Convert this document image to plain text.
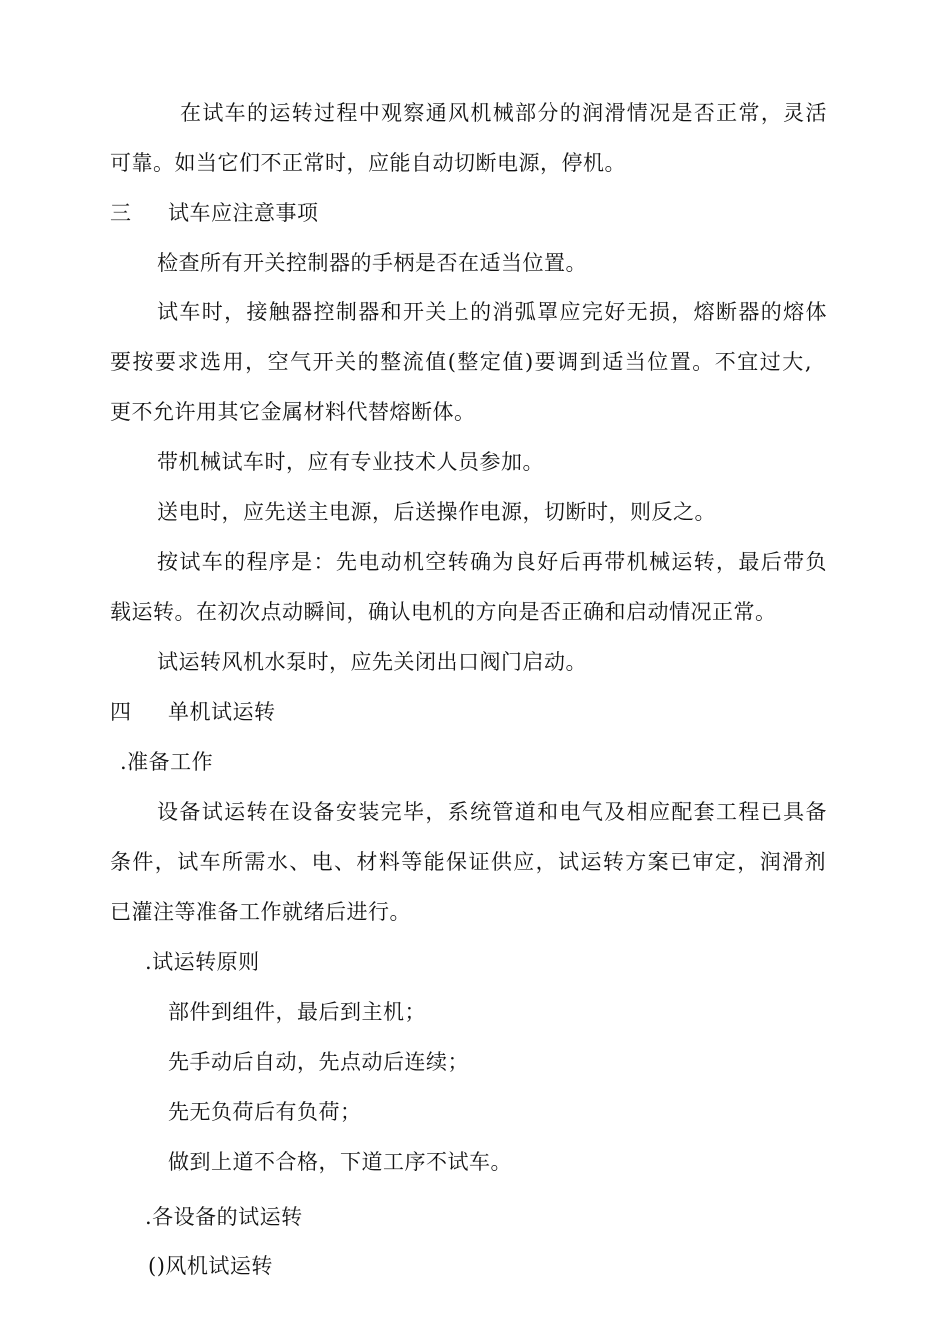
在试车的运转过程中观察通风机械部分的润滑情况是否正常，灵活
可靠。如当它们不正常时，应能自动切断电源，停机。
三 试车应注意事项
检查所有开关控制器的手柄是否在适当位置。
试车时，接触器控制器和开关上的消弧罩应完好无损，熔断器的熔体
要按要求选用，空气开关的整流值(整定值)要调到适当位置。不宜过大,
更不允许用其它金属材料代替熔断体。
带机械试车时，应有专业技术人员参加。
送电时，应先送主电源，后送操作电源，切断时，则反之。
按试车的程序是：先电动机空转确为良好后再带机械运转，最后带负
载运转。在初次点动瞬间，确认电机的方向是否正确和启动情况正常。
试运转风机水泵时，应先关闭出口阀门启动。
四 单机试运转
.准备工作
设备试运转在设备安装完毕，系统管道和电气及相应配套工程已具备
条件，试车所需水、电、材料等能保证供应，试运转方案已审定，润滑剂
已灌注等准备工作就绪后进行。
.试运转原则
部件到组件，最后到主机；
先手动后自动，先点动后连续；
先无负荷后有负荷；
做到上道不合格，下道工序不试车。
.各设备的试运转
()风机试运转
